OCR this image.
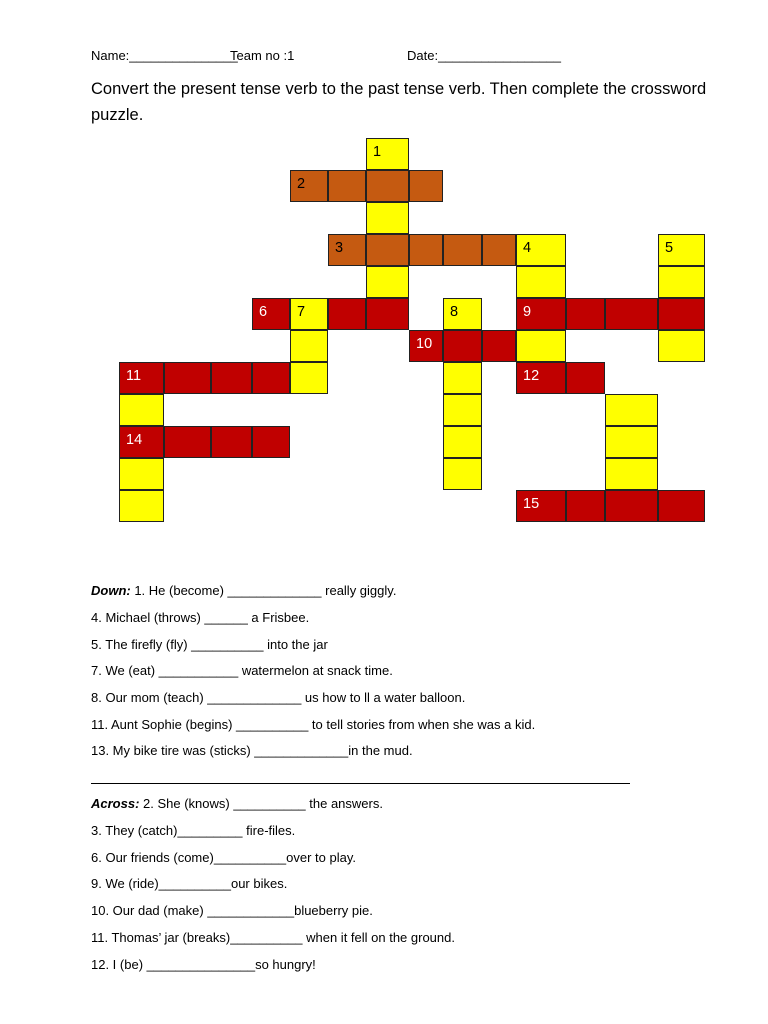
Name:_______________
Team no :1	Date:_________________
Convert the present tense verb to the past tense verb. Then complete the crossword puzzle.
1
2
3	4	5
6 7	8	9
10
11	12	13
14
15
Down: 1. He (become) _____________ really giggly.
4. Michael (throws) ______ a Frisbee.
5. The firefly (fly) __________ into the jar
7. We (eat) ___________ watermelon at snack time.
8. Our mom (teach) _____________ us how to ll a water balloon.
11. Aunt Sophie (begins) __________ to tell stories from when she was a kid.
13. My bike tire was (sticks) _____________in the mud.
Across: 2. She (knows) __________ the answers.
3. They (catch)_________ fire-files.
6. Our friends (come)__________over to play.
9. We (ride)__________our bikes.
10. Our dad (make) ____________blueberry pie.
11. Thomas’ jar (breaks)__________ when it fell on the ground.
12. I (be) _______________so hungry!
